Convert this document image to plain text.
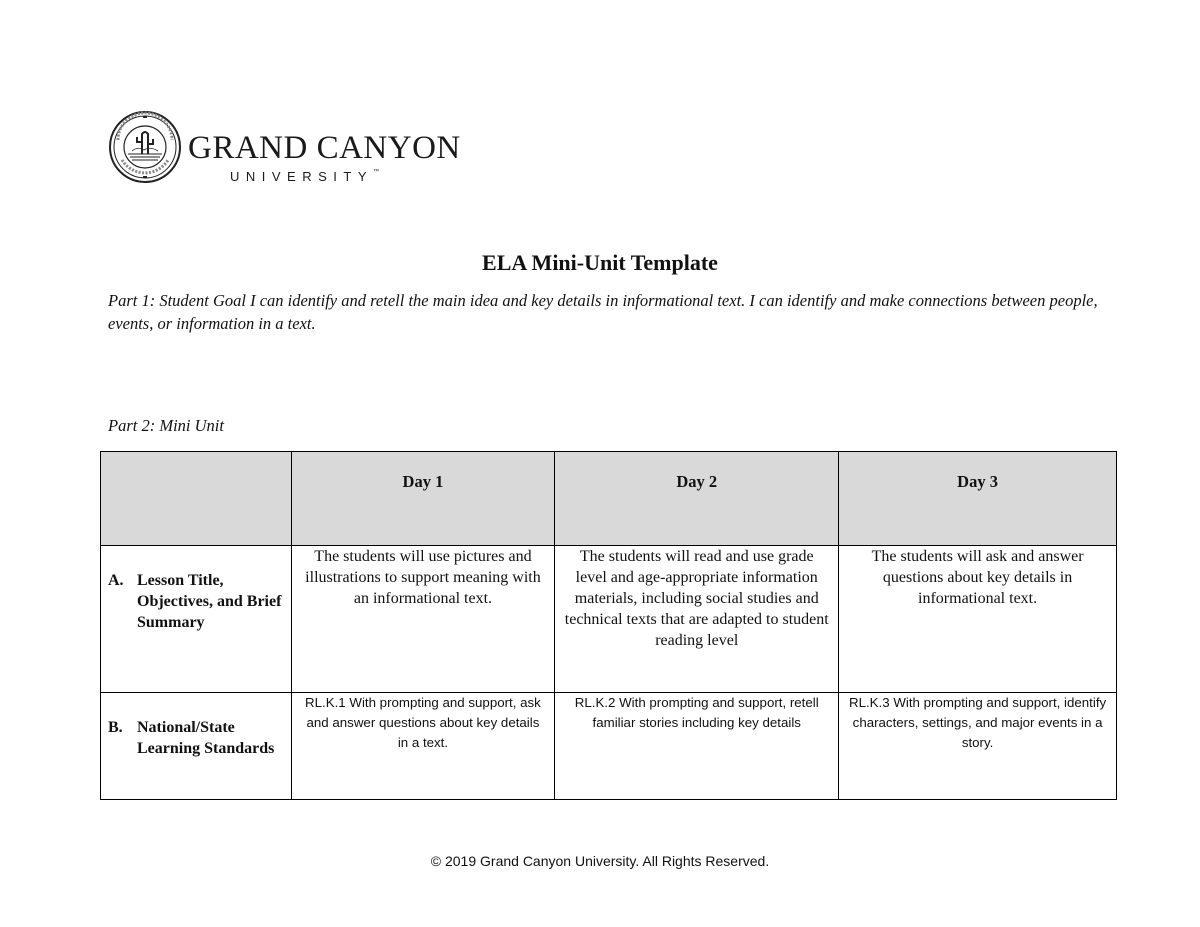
GRAND CANYON
UNIVERSITY™
ELA Mini-Unit Template
Part 1: Student Goal I can identify and retell the main idea and key details in informational text. I can identify and make connections between people, events, or information in a text.
Part 2: Mini Unit
	Day 1	Day 2	Day 3

A. Lesson Title, Objectives, and Brief Summary	The students will use pictures and illustrations to support meaning with an informational text.	The students will read and use grade level and age-appropriate information materials, including social studies and technical texts that are adapted to student reading level	The students will ask and answer questions about key details in informational text.

B. National/State Learning Standards	RL.K.1 With prompting and support, ask and answer questions about key details in a text.	RL.K.2 With prompting and support, retell familiar stories including key details	RL.K.3 With prompting and support, identify characters, settings, and major events in a story.
© 2019 Grand Canyon University. All Rights Reserved.
